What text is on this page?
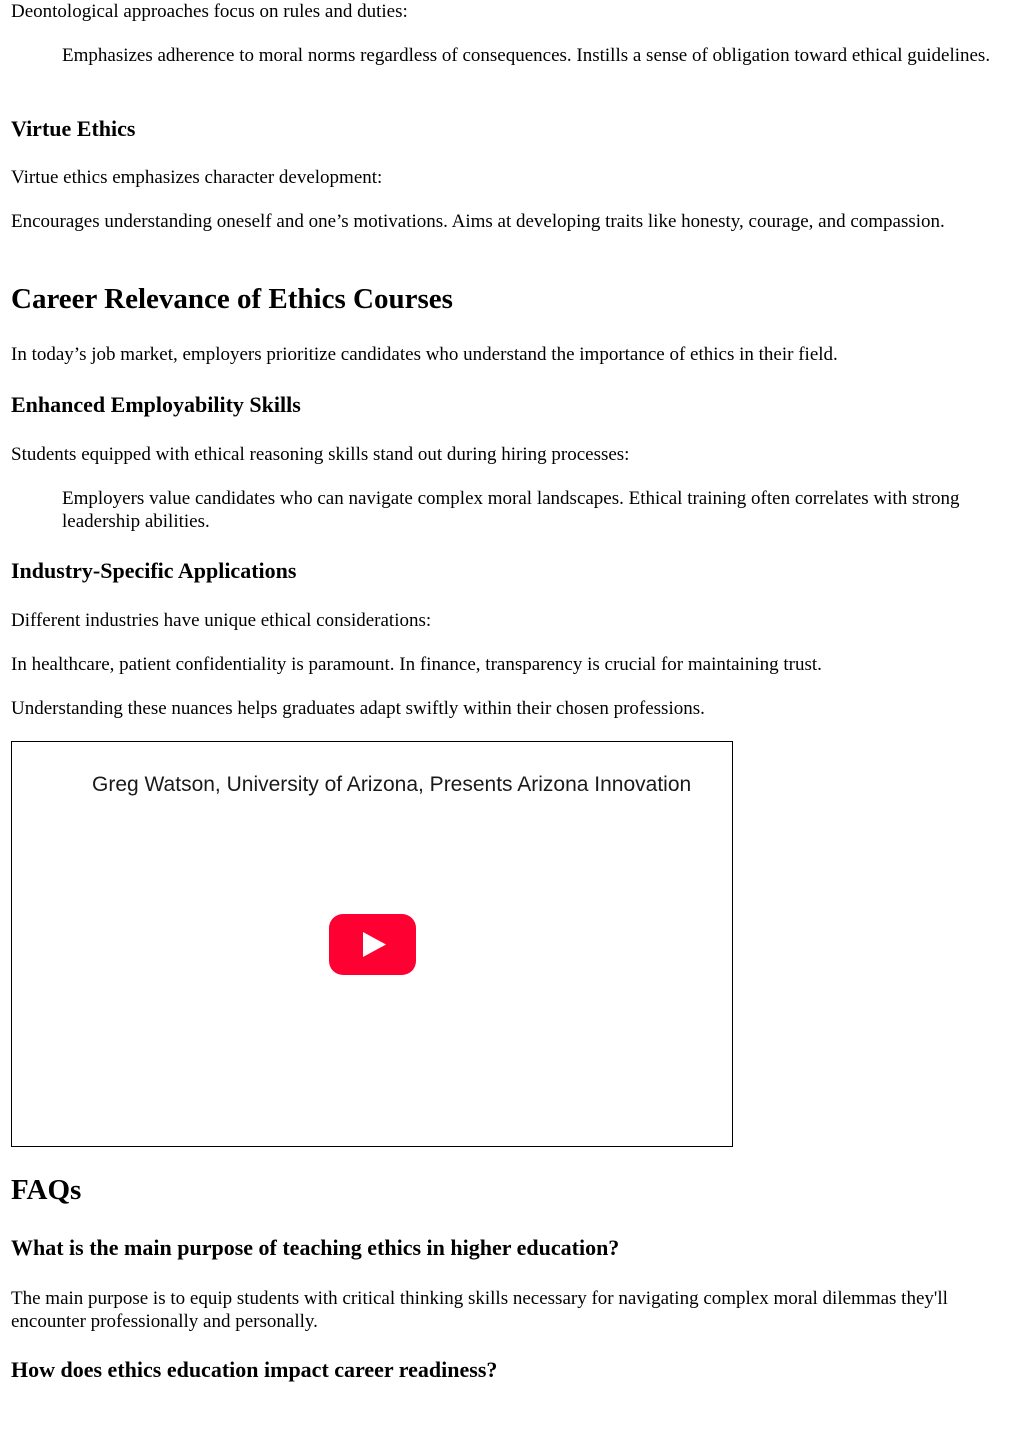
Deontological approaches focus on rules and duties:

Emphasizes adherence to moral norms regardless of consequences. Instills a sense of obligation toward ethical guidelines.
Virtue Ethics

Virtue ethics emphasizes character development:

Encourages understanding oneself and one’s motivations. Aims at developing traits like honesty, courage, and compassion.

Career Relevance of Ethics Courses

In today’s job market, employers prioritize candidates who understand the importance of ethics in their field.

Enhanced Employability Skills

Students equipped with ethical reasoning skills stand out during hiring processes:

Employers value candidates who can navigate complex moral landscapes. Ethical training often correlates with strong leadership abilities.
Industry-Specific Applications

Different industries have unique ethical considerations:

In healthcare, patient confidentiality is paramount. In finance, transparency is crucial for maintaining trust.

Understanding these nuances helps graduates adapt swiftly within their chosen professions.

Greg Watson, University of Arizona, Presents Arizona Innovation
FAQs
What is the main purpose of teaching ethics in higher education?

The main purpose is to equip students with critical thinking skills necessary for navigating complex moral dilemmas they'll encounter professionally and personally.

How does ethics education impact career readiness?
